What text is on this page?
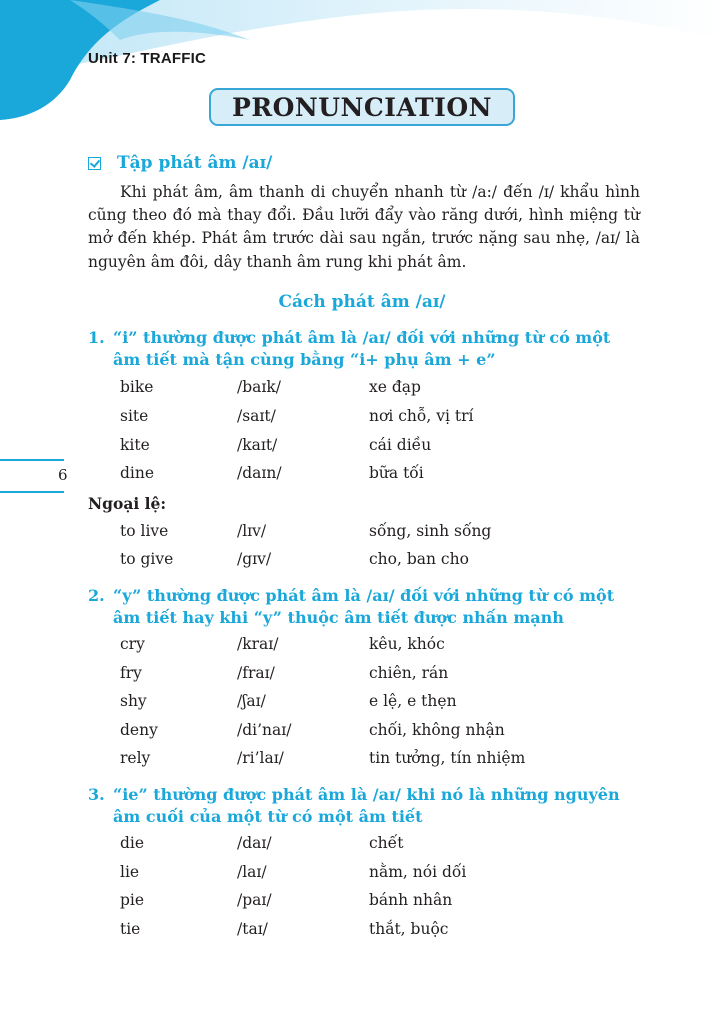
Unit 7: TRAFFIC
PRONUNCIATION
Tập phát âm /aɪ/

Khi phát âm, âm thanh di chuyển nhanh từ /a:/ đến /ɪ/ khẩu hình cũng theo đó mà thay đổi. Đầu lưỡi đẩy vào răng dưới, hình miệng từ mở đến khép. Phát âm trước dài sau ngắn, trước nặng sau nhẹ, /aɪ/ là nguyên âm đôi, dây thanh âm rung khi phát âm.

Cách phát âm /aɪ/
1. “i” thường được phát âm là /aɪ/ đối với những từ có một âm tiết mà tận cùng bằng “i+ phụ âm + e”
bike	/baɪk/	xe đạp
site	/saɪt/	nơi chỗ, vị trí
kite	/kaɪt/	cái diều
dine	/daɪn/	bữa tối
6
Ngoại lệ:
to live	/lɪv/	sống, sinh sống
to give	/gɪv/	cho, ban cho
2. “y” thường được phát âm là /aɪ/ đối với những từ có một âm tiết hay khi “y” thuộc âm tiết được nhấn mạnh
cry	/kraɪ/	kêu, khóc
fry	/fraɪ/	chiên, rán
shy	/ʃaɪ/	e lệ, e thẹn
deny	/di’naɪ/	chối, không nhận
rely	/ri’laɪ/	tin tưởng, tín nhiệm
3. “ie” thường được phát âm là /aɪ/ khi nó là những nguyên âm cuối của một từ có một âm tiết
die	/daɪ/	chết
lie	/laɪ/	nằm, nói dối
pie	/paɪ/	bánh nhân
tie	/taɪ/	thắt, buộc
